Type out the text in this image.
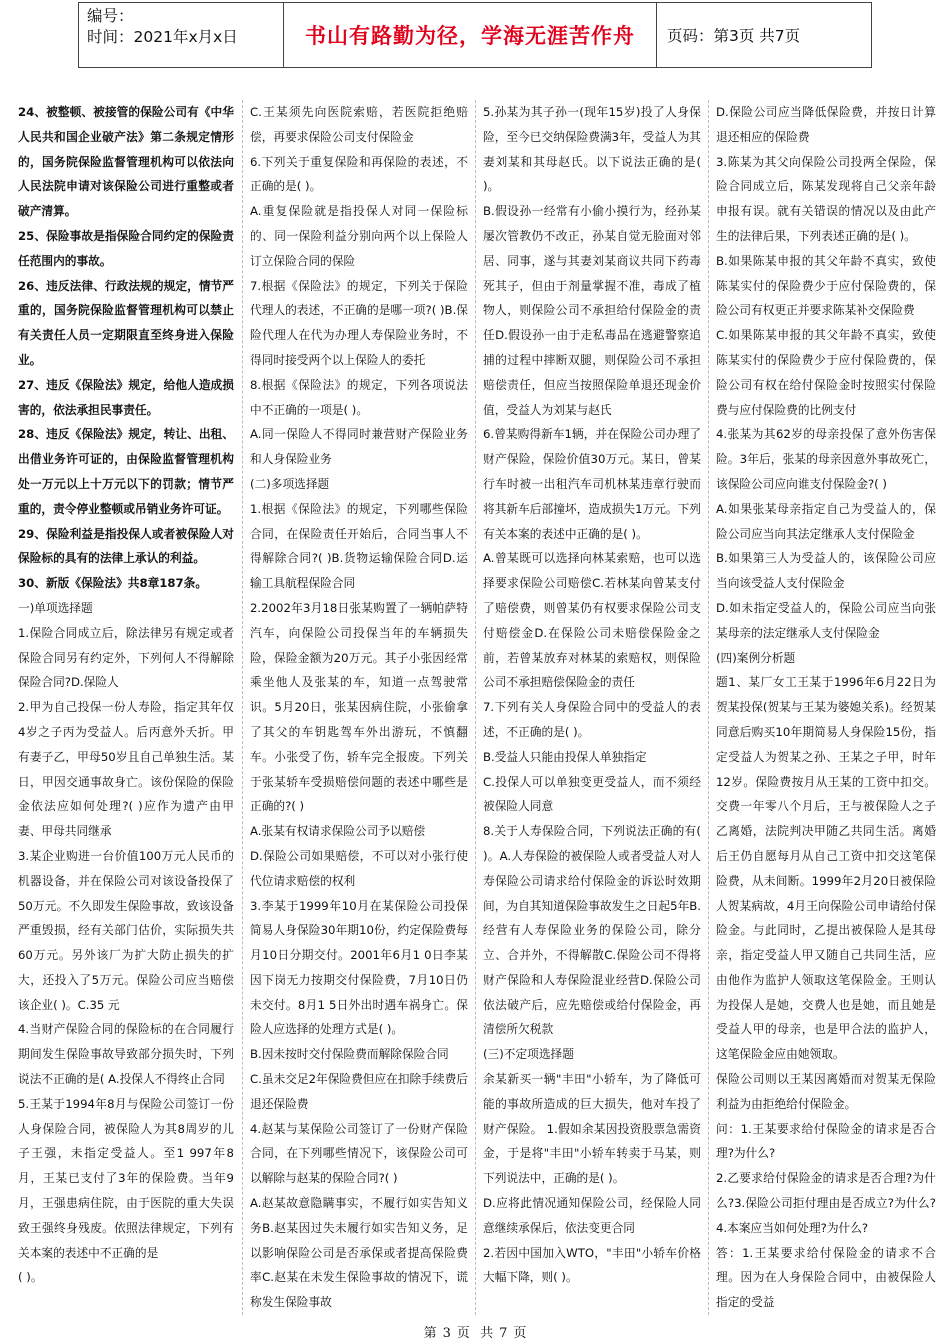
编号：
时间：2021年x月x日	书山有路勤为径，学海无涯苦作舟	页码：第3页 共7页

24、被整顿、被接管的保险公司有《中华人民共和国企业破产法》第二条规定情形的，国务院保险监督管理机构可以依法向人民法院申请对该保险公司进行重整或者破产清算。

25、保险事故是指保险合同约定的保险责任范围内的事故。

26、违反法律、行政法规的规定，情节严重的，国务院保险监督管理机构可以禁止有关责任人员一定期限直至终身进入保险业。

27、违反《保险法》规定，给他人造成损害的，依法承担民事责任。

28、违反《保险法》规定，转让、出租、出借业务许可证的，由保险监督管理机构处一万元以上十万元以下的罚款；情节严重的，责令停业整顿或吊销业务许可证。

29、保险利益是指投保人或者被保险人对保险标的具有的法律上承认的利益。

30、新版《保险法》共8章187条。

一)单项选择题

1.保险合同成立后，除法律另有规定或者保险合同另有约定外，下列何人不得解除保险合同?D.保险人

2.甲为自己投保一份人寿险，指定其年仅4岁之子丙为受益人。后丙意外夭折。甲有妻子乙，甲母50岁且自己单独生活。某日，甲因交通事故身亡。该份保险的保险金依法应如何处理?( )应作为遗产由甲妻、甲母共同继承

3.某企业购进一台价值100万元人民币的机器设备，并在保险公司对该设备投保了50万元。不久即发生保险事故，致该设备严重毁损，经有关部门估价，实际损失共60万元。另外该厂为扩大防止损失的扩大，还投入了5万元。保险公司应当赔偿该企业( )。C.35 元

4.当财产保险合同的保险标的在合同履行期间发生保险事故导致部分损失时，下列说法不正确的是( A.投保人不得终止合同

5.王某于1994年8月与保险公司签订一份人身保险合同，被保险人为其8周岁的儿子王强，未指定受益人。至1 997年8月，王某已支付了3年的保险费。当年9月，王强患病住院，由于医院的重大失误致王强终身残废。依照法律规定，下列有关本案的表述中不正确的是

( )。

C.王某须先向医院索赔，若医院拒绝赔偿，再要求保险公司支付保险金

6.下列关于重复保险和再保险的表述，不正确的是( )。

A.重复保险就是指投保人对同一保险标的、同一保险利益分别向两个以上保险人订立保险合同的保险

7.根据《保险法》的规定，下列关于保险代理人的表述，不正确的是哪一项?( )B.保险代理人在代为办理人寿保险业务时，不得同时接受两个以上保险人的委托

8.根据《保险法》的规定，下列各项说法中不正确的一项是( )。

A.同一保险人不得同时兼营财产保险业务和人身保险业务

(二)多项选择题

1.根据《保险法》的规定，下列哪些保险合同，在保险责任开始后，合同当事人不得解除合同?( )B.货物运输保险合同D.运输工具航程保险合同

2.2002年3月18日张某购置了一辆帕萨特汽车，向保险公司投保当年的车辆损失险，保险金额为20万元。其子小张因经常乘坐他人及张某的车，知道一点驾驶常识。5月20日，张某因病住院，小张偷拿了其父的车钥匙驾车外出游玩，不慎翻车。小张受了伤，轿车完全报废。下列关于张某轿车受损赔偿问题的表述中哪些是正确的?( )

A.张某有权请求保险公司予以赔偿

D.保险公司如果赔偿，不可以对小张行使代位请求赔偿的权利

3.李某于1999年10月在某保险公司投保简易人身保险30年期10份，约定保险费每月10日分期交付。2001年6月1 0日李某因下岗无力按期交付保险费，7月10日仍未交付。8月1 5日外出时遇车祸身亡。保险人应选择的处理方式是( )。

B.因未按时交付保险费而解除保险合同

C.虽未交足2年保险费但应在扣除手续费后退还保险费

4.赵某与某保险公司签订了一份财产保险合同，在下列哪些情况下，该保险公司可以解除与赵某的保险合同?( )

A.赵某故意隐瞒事实，不履行如实告知义务B.赵某因过失未履行如实告知义务，足以影响保险公司是否承保或者提高保险费率C.赵某在未发生保险事故的情况下，谎称发生保险事故

5.孙某为其子孙一(现年15岁)投了人身保险，至今已交纳保险费满3年，受益人为其妻刘某和其母赵氏。以下说法正确的是( )。

B.假设孙一经常有小偷小摸行为，经孙某屡次管教仍不改正，孙某自觉无脸面对邻居、同事，遂与其妻刘某商议共同下药毒死其子，但由于剂量掌握不准，毒成了植物人，则保险公司不承担给付保险金的责任D.假设孙一由于走私毒品在逃避警察追捕的过程中摔断双腿，则保险公司不承担赔偿责任，但应当按照保险单退还现金价值，受益人为刘某与赵氏

6.曾某购得新车1辆，并在保险公司办理了财产保险，保险价值30万元。某日，曾某行车时被一出租汽车司机林某违章行驶而将其新车后部撞坏，造成损失1万元。下列有关本案的表述中正确的是( )。

A.曾某既可以选择向林某索赔，也可以选择要求保险公司赔偿C.若林某向曾某支付了赔偿费，则曾某仍有权要求保险公司支付赔偿金D.在保险公司未赔偿保险金之前，若曾某放弃对林某的索赔权，则保险公司不承担赔偿保险金的责任

7.下列有关人身保险合同中的受益人的表述，不正确的是( )。

B.受益人只能由投保人单独指定

C.投保人可以单独变更受益人，而不须经被保险人同意

8.关于人寿保险合同，下列说法正确的有( )。A.人寿保险的被保险人或者受益人对人寿保险公司请求给付保险金的诉讼时效期间，为自其知道保险事故发生之日起5年B.经营有人寿保险业务的保险公司，除分立、合并外，不得解散C.保险公司不得将财产保险和人寿保险混业经营D.保险公司依法破产后，应先赔偿或给付保险金，再清偿所欠税款

(三)不定项选择题

余某新买一辆"丰田"小轿车，为了降低可能的事故所造成的巨大损失，他对车投了财产保险。 1.假如余某因投资股票急需资金，于是将"丰田"小轿车转卖于马某，则下列说法中，正确的是( )。

D.应将此情况通知保险公司，经保险人同意继续承保后，依法变更合同

2.若因中国加入WTO，"丰田"小轿车价格大幅下降，则( )。

D.保险公司应当降低保险费，并按日计算退还相应的保险费

3.陈某为其父向保险公司投两全保险，保险合同成立后，陈某发现将自己父亲年龄申报有误。就有关错误的情况以及由此产生的法律后果，下列表述正确的是( )。

B.如果陈某申报的其父年龄不真实，致使陈某实付的保险费少于应付保险费的，保险公司有权更正并要求陈某补交保险费

C.如果陈某申报的其父年龄不真实，致使陈某实付的保险费少于应付保险费的，保险公司有权在给付保险金时按照实付保险费与应付保险费的比例支付

4.张某为其62岁的母亲投保了意外伤害保险。3年后，张某的母亲因意外事故死亡，该保险公司应向谁支付保险金?( )

A.如果张某母亲指定自己为受益人的，保险公司应当向其法定继承人支付保险金

B.如果第三人为受益人的，该保险公司应当向该受益人支付保险金

D.如未指定受益人的，保险公司应当向张某母亲的法定继承人支付保险金

(四)案例分析题

题1、某厂女工王某于1996年6月22日为贺某投保(贺某与王某为婆媳关系)。经贺某同意后购买10年期简易人身保险15份，指定受益人为贺某之孙、王某之子甲，时年12岁。保险费按月从王某的工资中扣交。交费一年零八个月后，王与被保险人之子乙离婚，法院判决甲随乙共同生活。离婚后王仍自愿每月从自己工资中扣交这笔保险费，从未间断。1999年2月20日被保险人贺某病故，4月王向保险公司申请给付保险金。与此同时，乙提出被保险人是其母亲，指定受益人甲又随自己共同生活，应由他作为监护人领取这笔保险金。王则认为投保人是她，交费人也是她，而且她是受益人甲的母亲，也是甲合法的监护人，这笔保险金应由她领取。

保险公司则以王某因离婚而对贺某无保险利益为由拒绝给付保险金。

问：1.王某要求给付保险金的请求是否合理?为什么?

2.乙要求给付保险金的请求是否合理?为什么?3.保险公司拒付理由是否成立?为什么? 4.本案应当如何处理?为什么?

答：1.王某要求给付保险金的请求不合理。因为在人身保险合同中，由被保险人指定的受益

第 3 页 共 7 页
